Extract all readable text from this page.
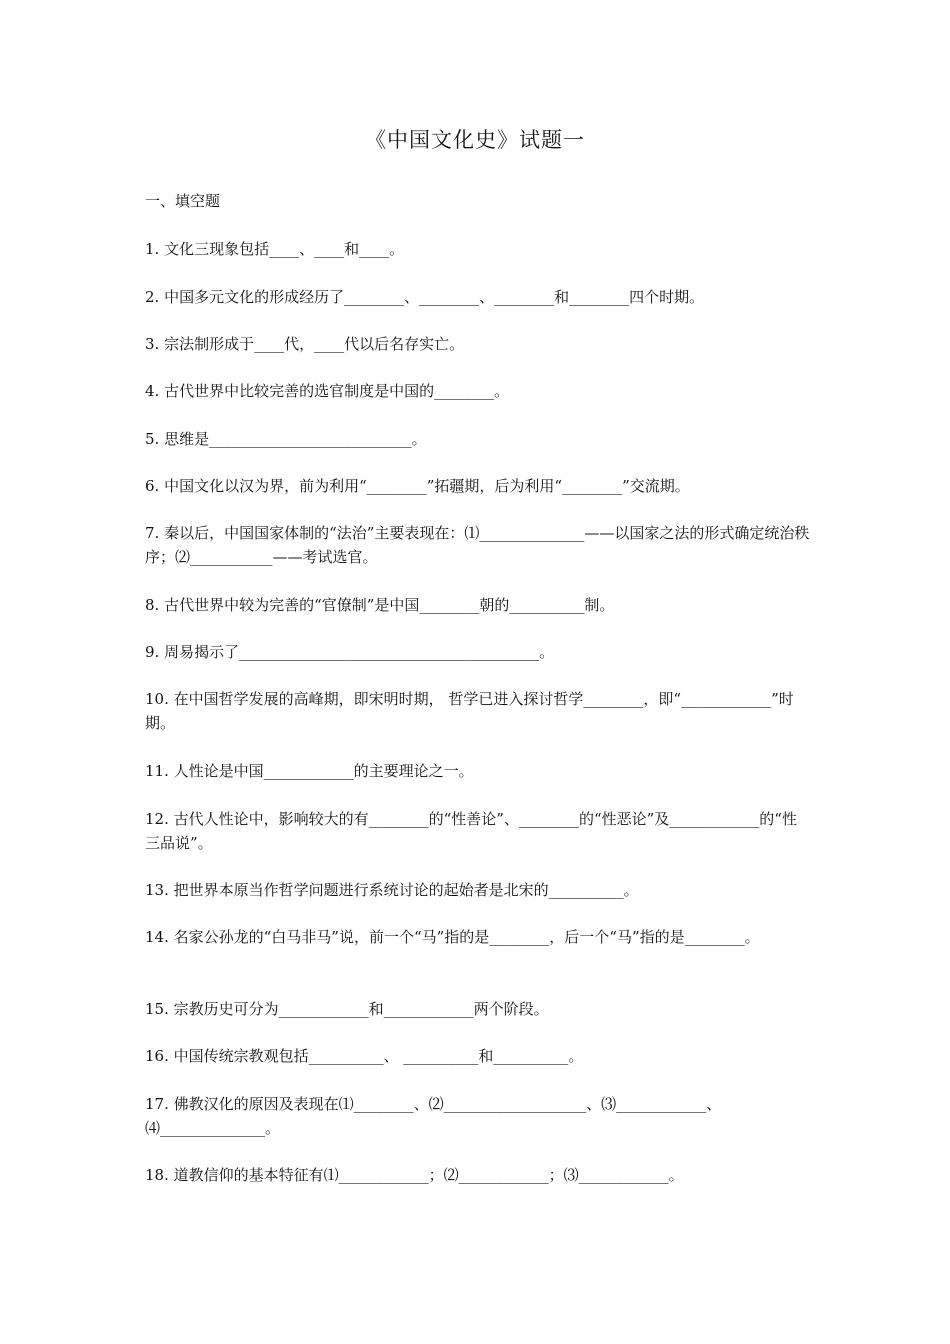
《中国文化史》试题一
一、填空题

1. 文化三现象包括____、____和____。

2. 中国多元文化的形成经历了________、________、________和________四个时期。

3. 宗法制形成于____代，____代以后名存实亡。

4. 古代世界中比较完善的选官制度是中国的________。

5. 思维是___________________________。

6. 中国文化以汉为界，前为利用“________”拓疆期，后为利用“________”交流期。

7. 秦以后，中国国家体制的“法治”主要表现在：⑴______________——以国家之法的形式确定统治秩序；⑵___________——考试选官。

8. 古代世界中较为完善的“官僚制”是中国________朝的__________制。

9. 周易揭示了________________________________________。

10. 在中国哲学发展的高峰期，即宋明时期， 哲学已进入探讨哲学________，即“____________”时期。

11. 人性论是中国____________的主要理论之一。

12. 古代人性论中，影响较大的有________的“性善论”、________的“性恶论”及____________的“性三品说”。

13. 把世界本原当作哲学问题进行系统讨论的起始者是北宋的__________。

14. 名家公孙龙的“白马非马”说，前一个“马”指的是________，后一个“马”指的是________。

15. 宗教历史可分为____________和____________两个阶段。

16. 中国传统宗教观包括__________、 __________和__________。

17. 佛教汉化的原因及表现在⑴________、⑵___________________、⑶____________、⑷______________。

18. 道教信仰的基本特征有⑴____________；⑵____________；⑶____________。
